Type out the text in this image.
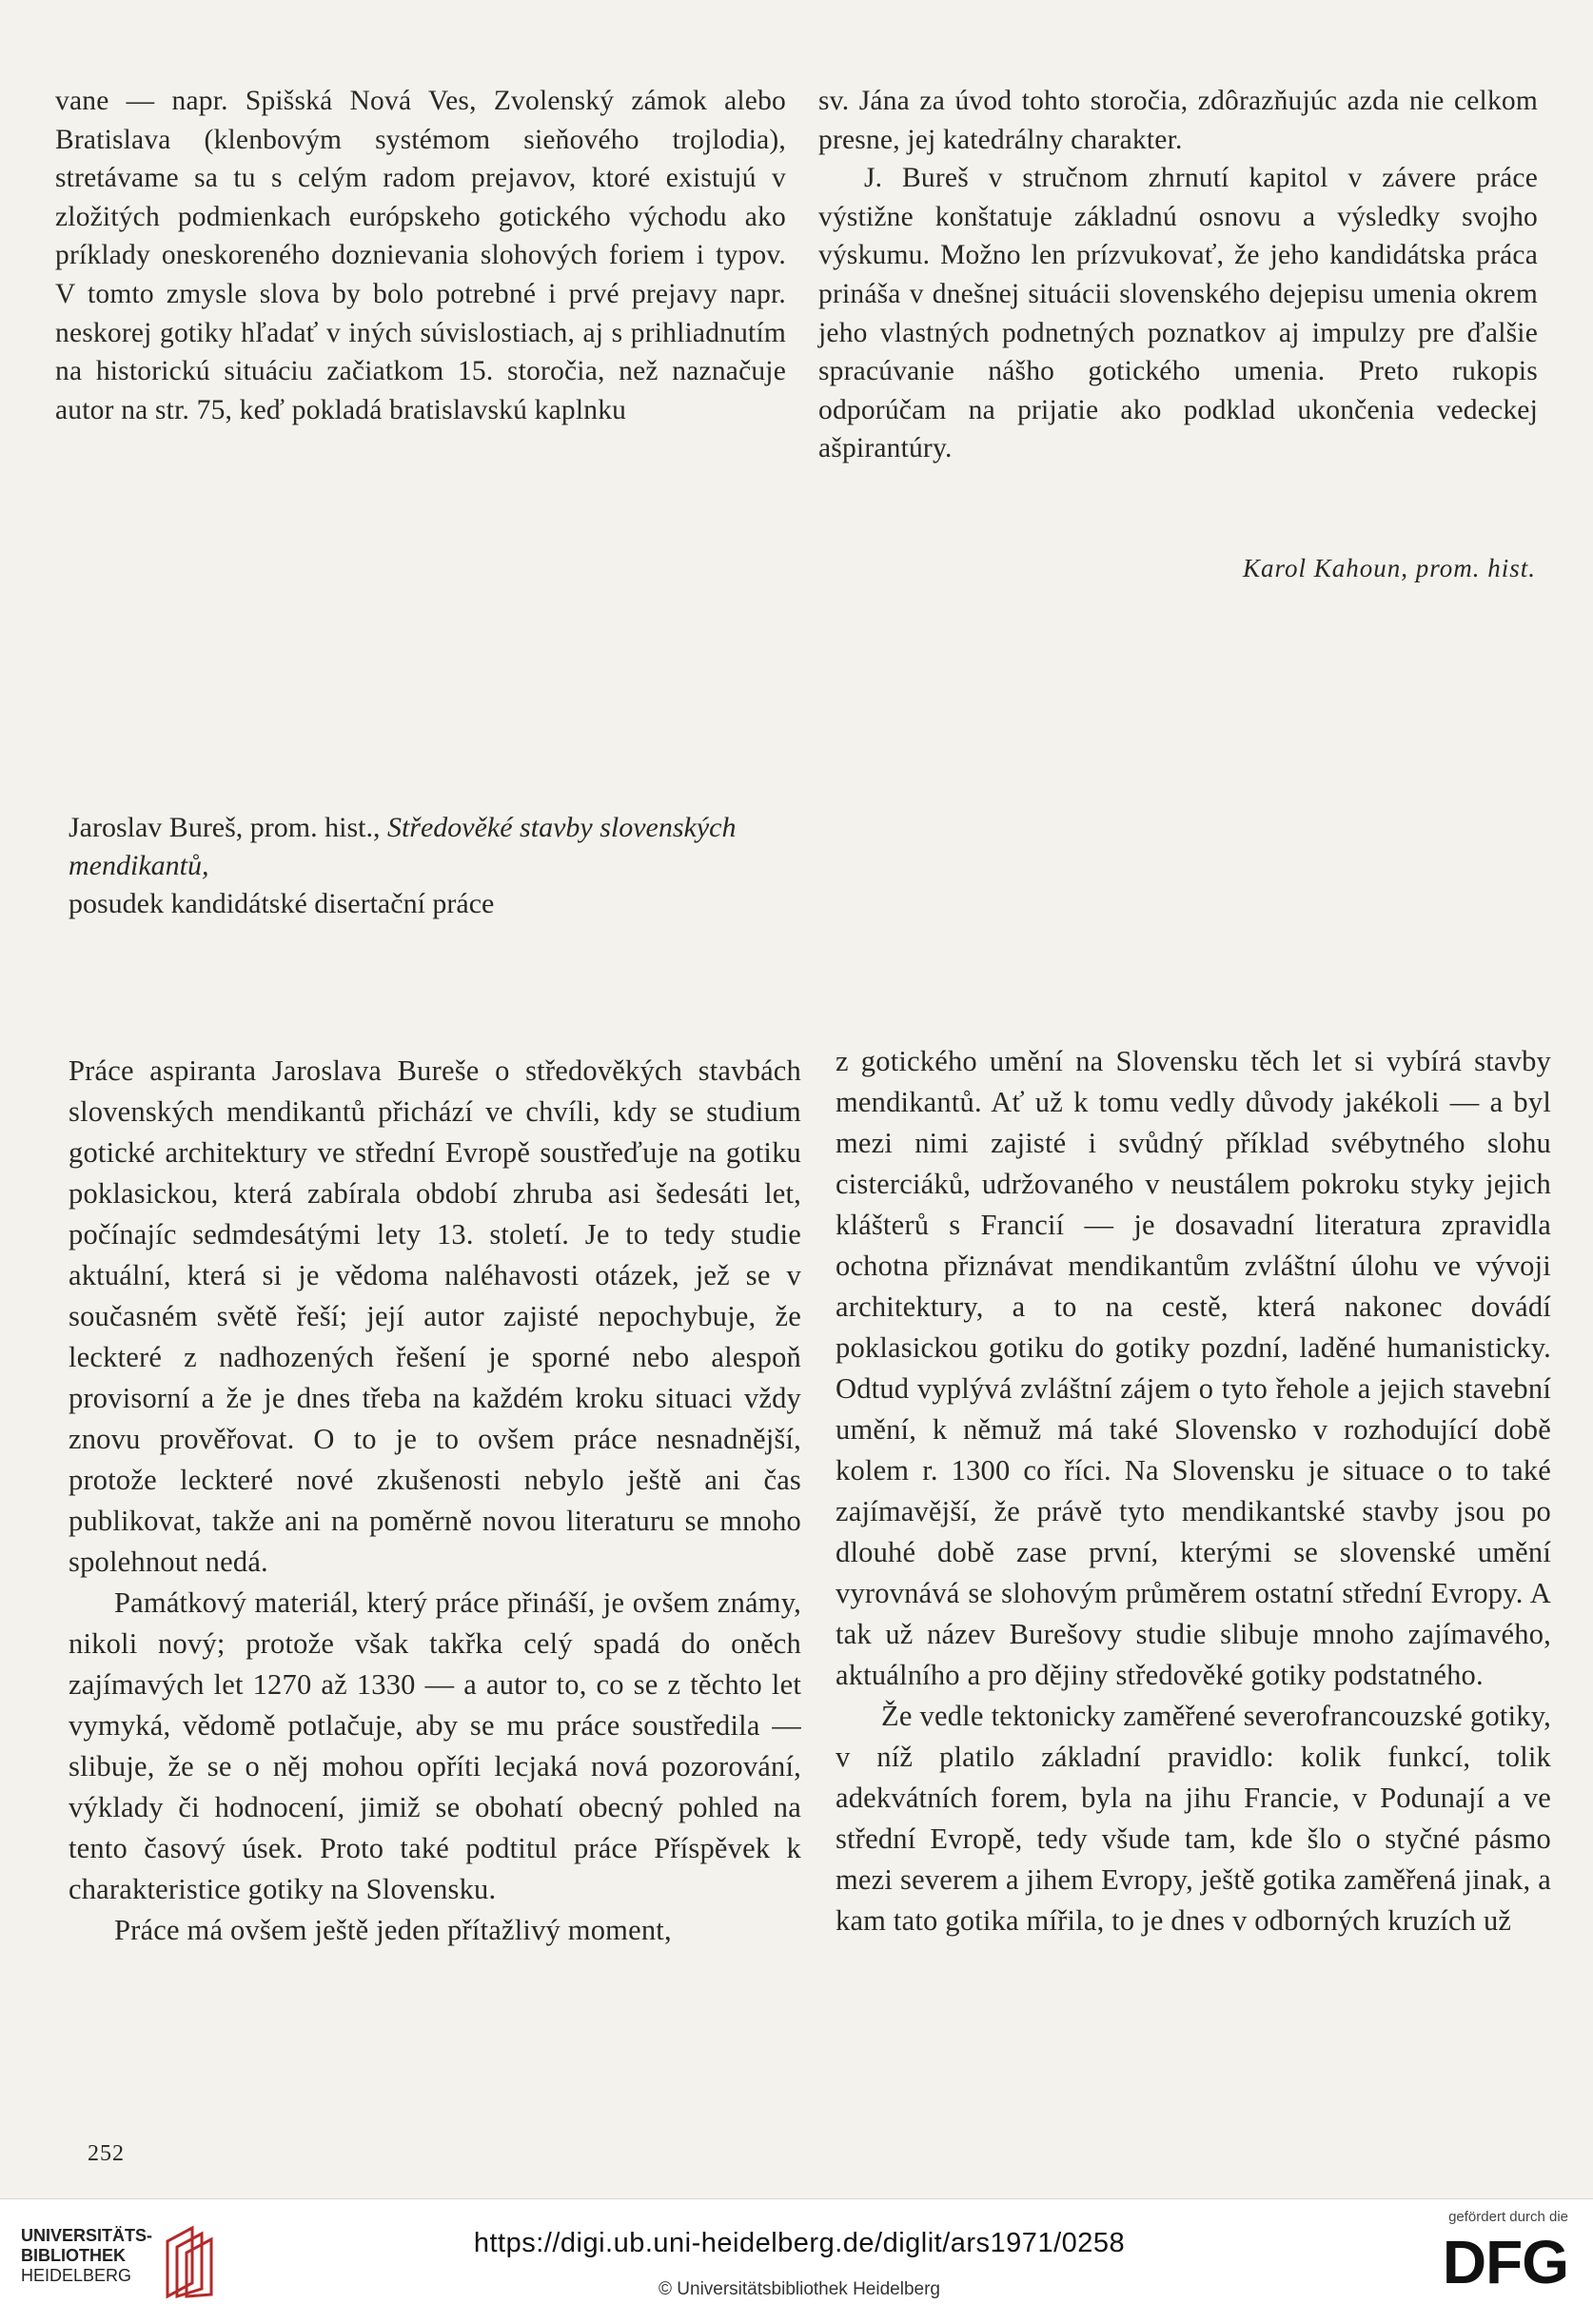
vane — napr. Spišská Nová Ves, Zvolenský zámok alebo Bratislava (klenbovým systémom sieňového trojlodia), stretávame sa tu s celým radom prejavov, ktoré existujú v zložitých podmienkach európskeho gotického východu ako príklady oneskoreného doznievania slohových foriem i typov. V tomto zmysle slova by bolo potrebné i prvé prejavy napr. neskorej gotiky hľadať v iných súvislostiach, aj s prihliadnutím na historickú situáciu začiatkom 15. storočia, než naznačuje autor na str. 75, keď pokladá bratislavskú kaplnku

sv. Jána za úvod tohto storočia, zdôrazňujúc azda nie celkom presne, jej katedrálny charakter.

J. Bureš v stručnom zhrnutí kapitol v závere práce výstižne konštatuje základnú osnovu a výsledky svojho výskumu. Možno len prízvukovať, že jeho kandidátska práca prináša v dnešnej situácii slovenského dejepisu umenia okrem jeho vlastných podnetných poznatkov aj impulzy pre ďalšie spracúvanie nášho gotického umenia. Preto rukopis odporúčam na prijatie ako podklad ukončenia vedeckej ašpirantúry.

Karol Kahoun, prom. hist.
Jaroslav Bureš, prom. hist., Středověké stavby slovenských mendikantů,
posudek kandidátské disertační práce

Práce aspiranta Jaroslava Bureše o středověkých stavbách slovenských mendikantů přichází ve chvíli, kdy se studium gotické architektury ve střední Evropě soustřeďuje na gotiku poklasickou, která zabírala období zhruba asi šedesáti let, počínajíc sedmdesátými lety 13. století. Je to tedy studie aktuální, která si je vědoma naléhavosti otázek, jež se v současném světě řeší; její autor zajisté nepochybuje, že leckteré z nadhozených řešení je sporné nebo alespoň provisorní a že je dnes třeba na každém kroku situaci vždy znovu prověřovat. O to je to ovšem práce nesnadnější, protože leckteré nové zkušenosti nebylo ještě ani čas publikovat, takže ani na poměrně novou literaturu se mnoho spolehnout nedá.

Památkový materiál, který práce přináší, je ovšem známy, nikoli nový; protože však takřka celý spadá do oněch zajímavých let 1270 až 1330 — a autor to, co se z těchto let vymyká, vědomě potlačuje, aby se mu práce soustředila — slibuje, že se o něj mohou opříti lecjaká nová pozorování, výklady či hodnocení, jimiž se obohatí obecný pohled na tento časový úsek. Proto také podtitul práce Příspěvek k charakteristice gotiky na Slovensku.

Práce má ovšem ještě jeden přítažlivý moment,

z gotického umění na Slovensku těch let si vybírá stavby mendikantů. Ať už k tomu vedly důvody jakékoli — a byl mezi nimi zajisté i svůdný příklad svébytného slohu cisterciáků, udržovaného v neustálem pokroku styky jejich klášterů s Francií — je dosavadní literatura zpravidla ochotna přiznávat mendikantům zvláštní úlohu ve vývoji architektury, a to na cestě, která nakonec dovádí poklasickou gotiku do gotiky pozdní, laděné humanisticky. Odtud vyplývá zvláštní zájem o tyto řehole a jejich stavební umění, k němuž má také Slovensko v rozhodující době kolem r. 1300 co říci. Na Slovensku je situace o to také zajímavější, že právě tyto mendikantské stavby jsou po dlouhé době zase první, kterými se slovenské umění vyrovnává se slohovým průměrem ostatní střední Evropy. A tak už název Burešovy studie slibuje mnoho zajímavého, aktuálního a pro dějiny středověké gotiky podstatného.

Že vedle tektonicky zaměřené severofrancouzské gotiky, v níž platilo základní pravidlo: kolik funkcí, tolik adekvátních forem, byla na jihu Francie, v Podunají a ve střední Evropě, tedy všude tam, kde šlo o styčné pásmo mezi severem a jihem Evropy, ještě gotika zaměřená jinak, a kam tato gotika mířila, to je dnes v odborných kruzích už

252
UNIVERSITÄTS-
BIBLIOTHEK
HEIDELBERG
https://digi.ub.uni-heidelberg.de/diglit/ars1971/0258
© Universitätsbibliothek Heidelberg
gefördert durch die
DFG
